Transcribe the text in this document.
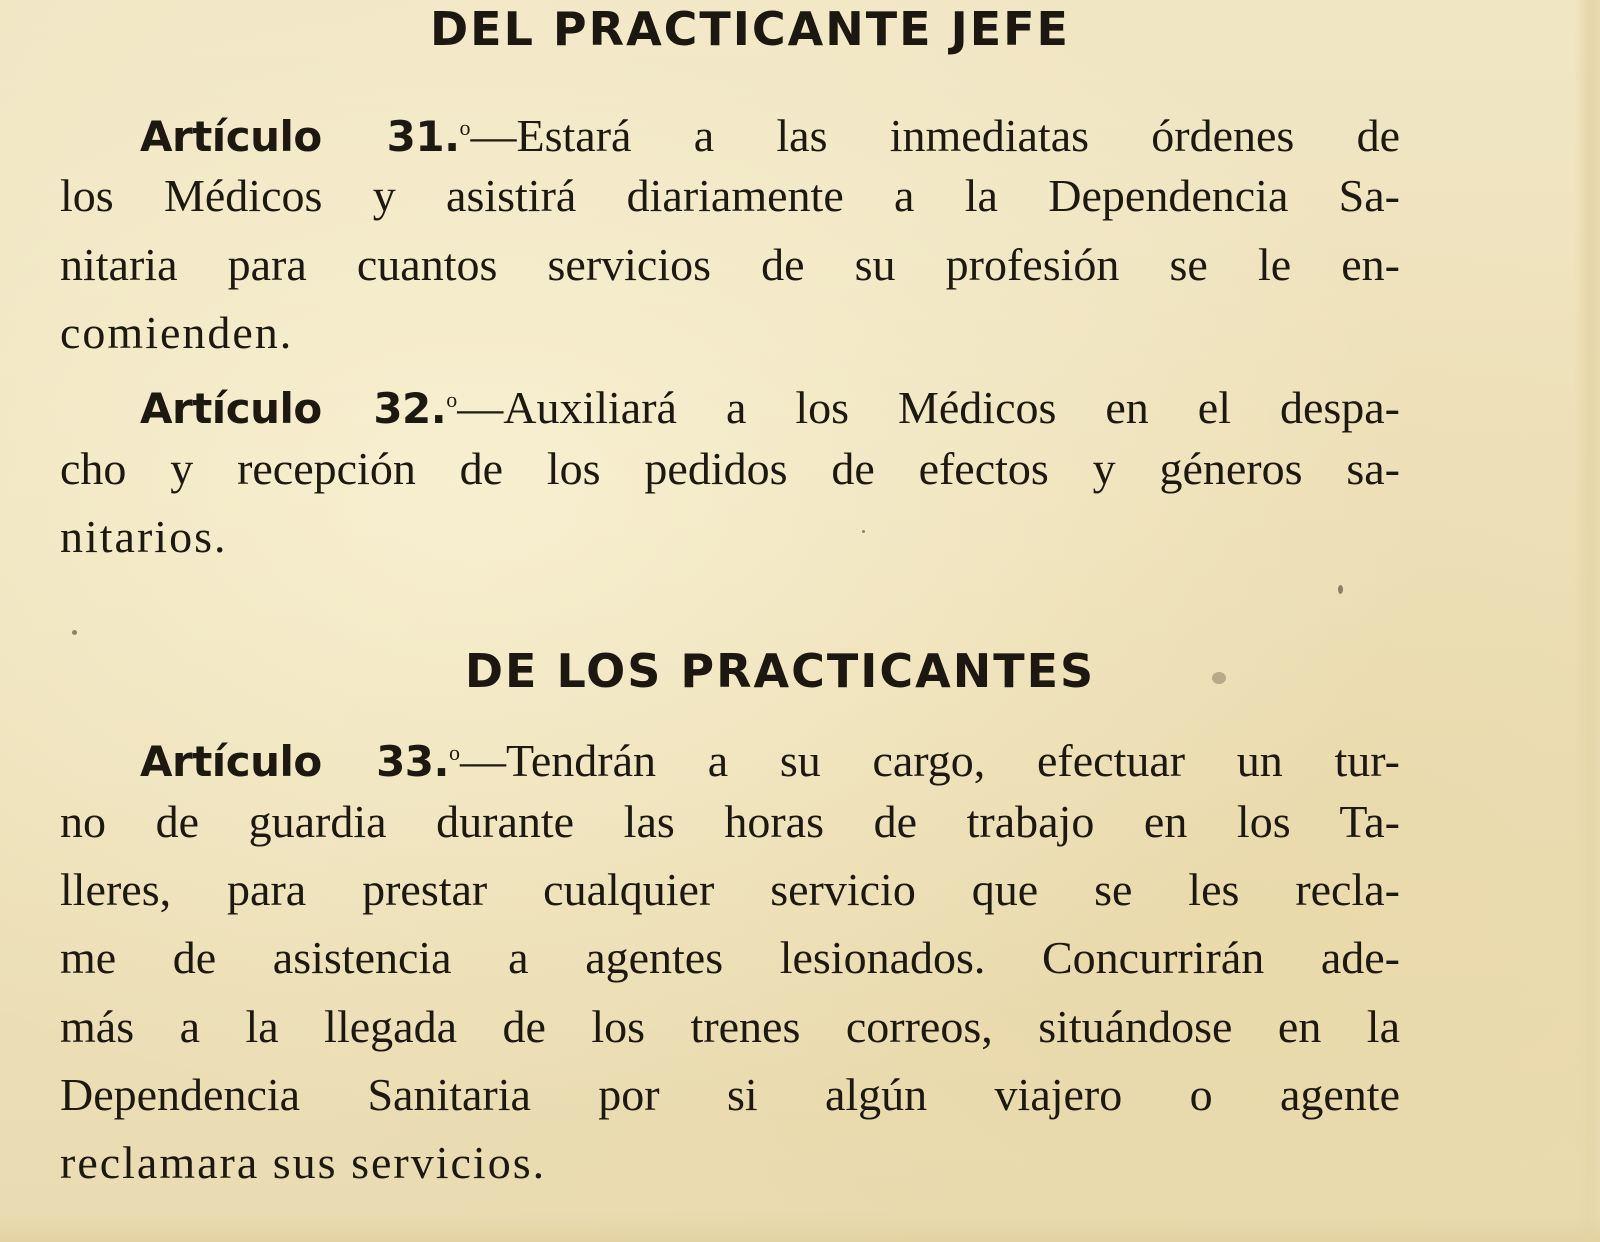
DEL PRACTICANTE JEFE
Artículo 31.$^o$—Estará a las inmediatas órdenes de
los Médicos y asistirá diariamente a la Dependencia Sa-
nitaria para cuantos servicios de su profesión se le en-
comienden.
Artículo 32.$^o$—Auxiliará a los Médicos en el despa-
cho y recepción de los pedidos de efectos y géneros sa-
nitarios.
DE LOS PRACTICANTES
Artículo 33.$^o$—Tendrán a su cargo, efectuar un tur-
no de guardia durante las horas de trabajo en los Ta-
lleres, para prestar cualquier servicio que se les recla-
me de asistencia a agentes lesionados. Concurrirán ade-
más a la llegada de los trenes correos, situándose en la
Dependencia Sanitaria por si algún viajero o agente
reclamara sus servicios.
